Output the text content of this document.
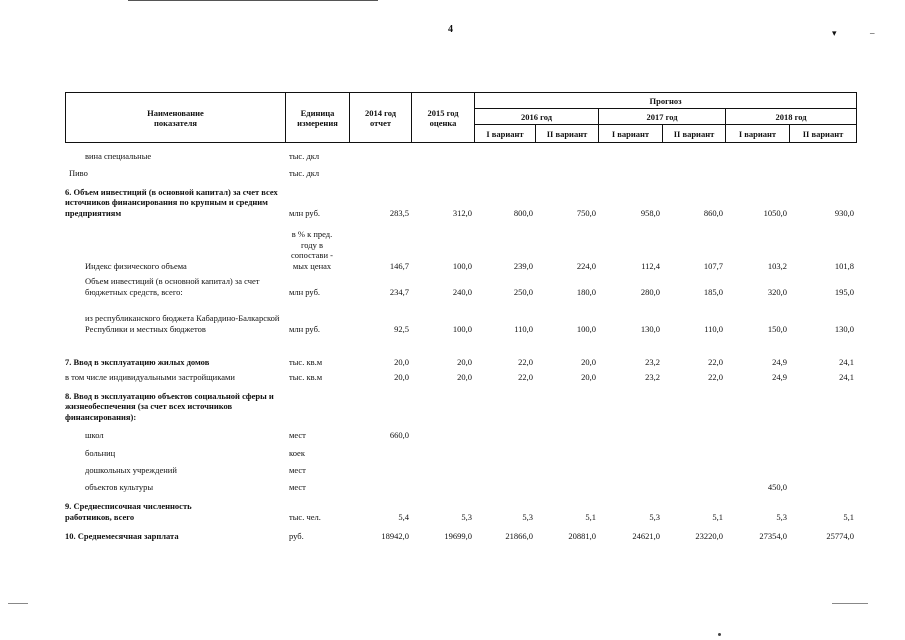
4	▾	–
Наименование показателя	Единица измерения	2014 год отчет	2015 год оценка	Прогноз					
				2016 год		2017 год		2018 год	
				I вариант	II вариант	I вариант	II вариант	I вариант	II вариант
вина специальные	тыс. дкл								
Пиво	тыс. дкл								
6. Объем инвестиций (в основной капитал) за счет всех источников финансирования по крупным и средним предприятиям	млн руб.	283,5	312,0	800,0	750,0	958,0	860,0	1050,0	930,0
Индекс физического объема	в % к пред. году в сопостави - мых ценах	146,7	100,0	239,0	224,0	112,4	107,7	103,2	101,8
Объем инвестиций (в основной капитал) за счет бюджетных средств, всего:	млн руб.	234,7	240,0	250,0	180,0	280,0	185,0	320,0	195,0
из республиканского бюджета Кабардино-Балкарской Республики и местных бюджетов	млн руб.	92,5	100,0	110,0	100,0	130,0	110,0	150,0	130,0
7. Ввод в эксплуатацию жилых домов	тыс. кв.м	20,0	20,0	22,0	20,0	23,2	22,0	24,9	24,1
в том числе индивидуальными застройщиками	тыс. кв.м	20,0	20,0	22,0	20,0	23,2	22,0	24,9	24,1
8. Ввод в эксплуатацию объектов социальной сферы и жизнеобеспечения (за счет всех источников финансирования):									
школ	мест	660,0							
больниц	коек								
дошкольных учреждений	мест								
объектов культуры	мест							450,0	
9. Среднесписочная численность работников, всего	тыс. чел.	5,4	5,3	5,3	5,1	5,3	5,1	5,3	5,1
10. Среднемесячная зарплата	руб.	18942,0	19699,0	21866,0	20881,0	24621,0	23220,0	27354,0	25774,0
